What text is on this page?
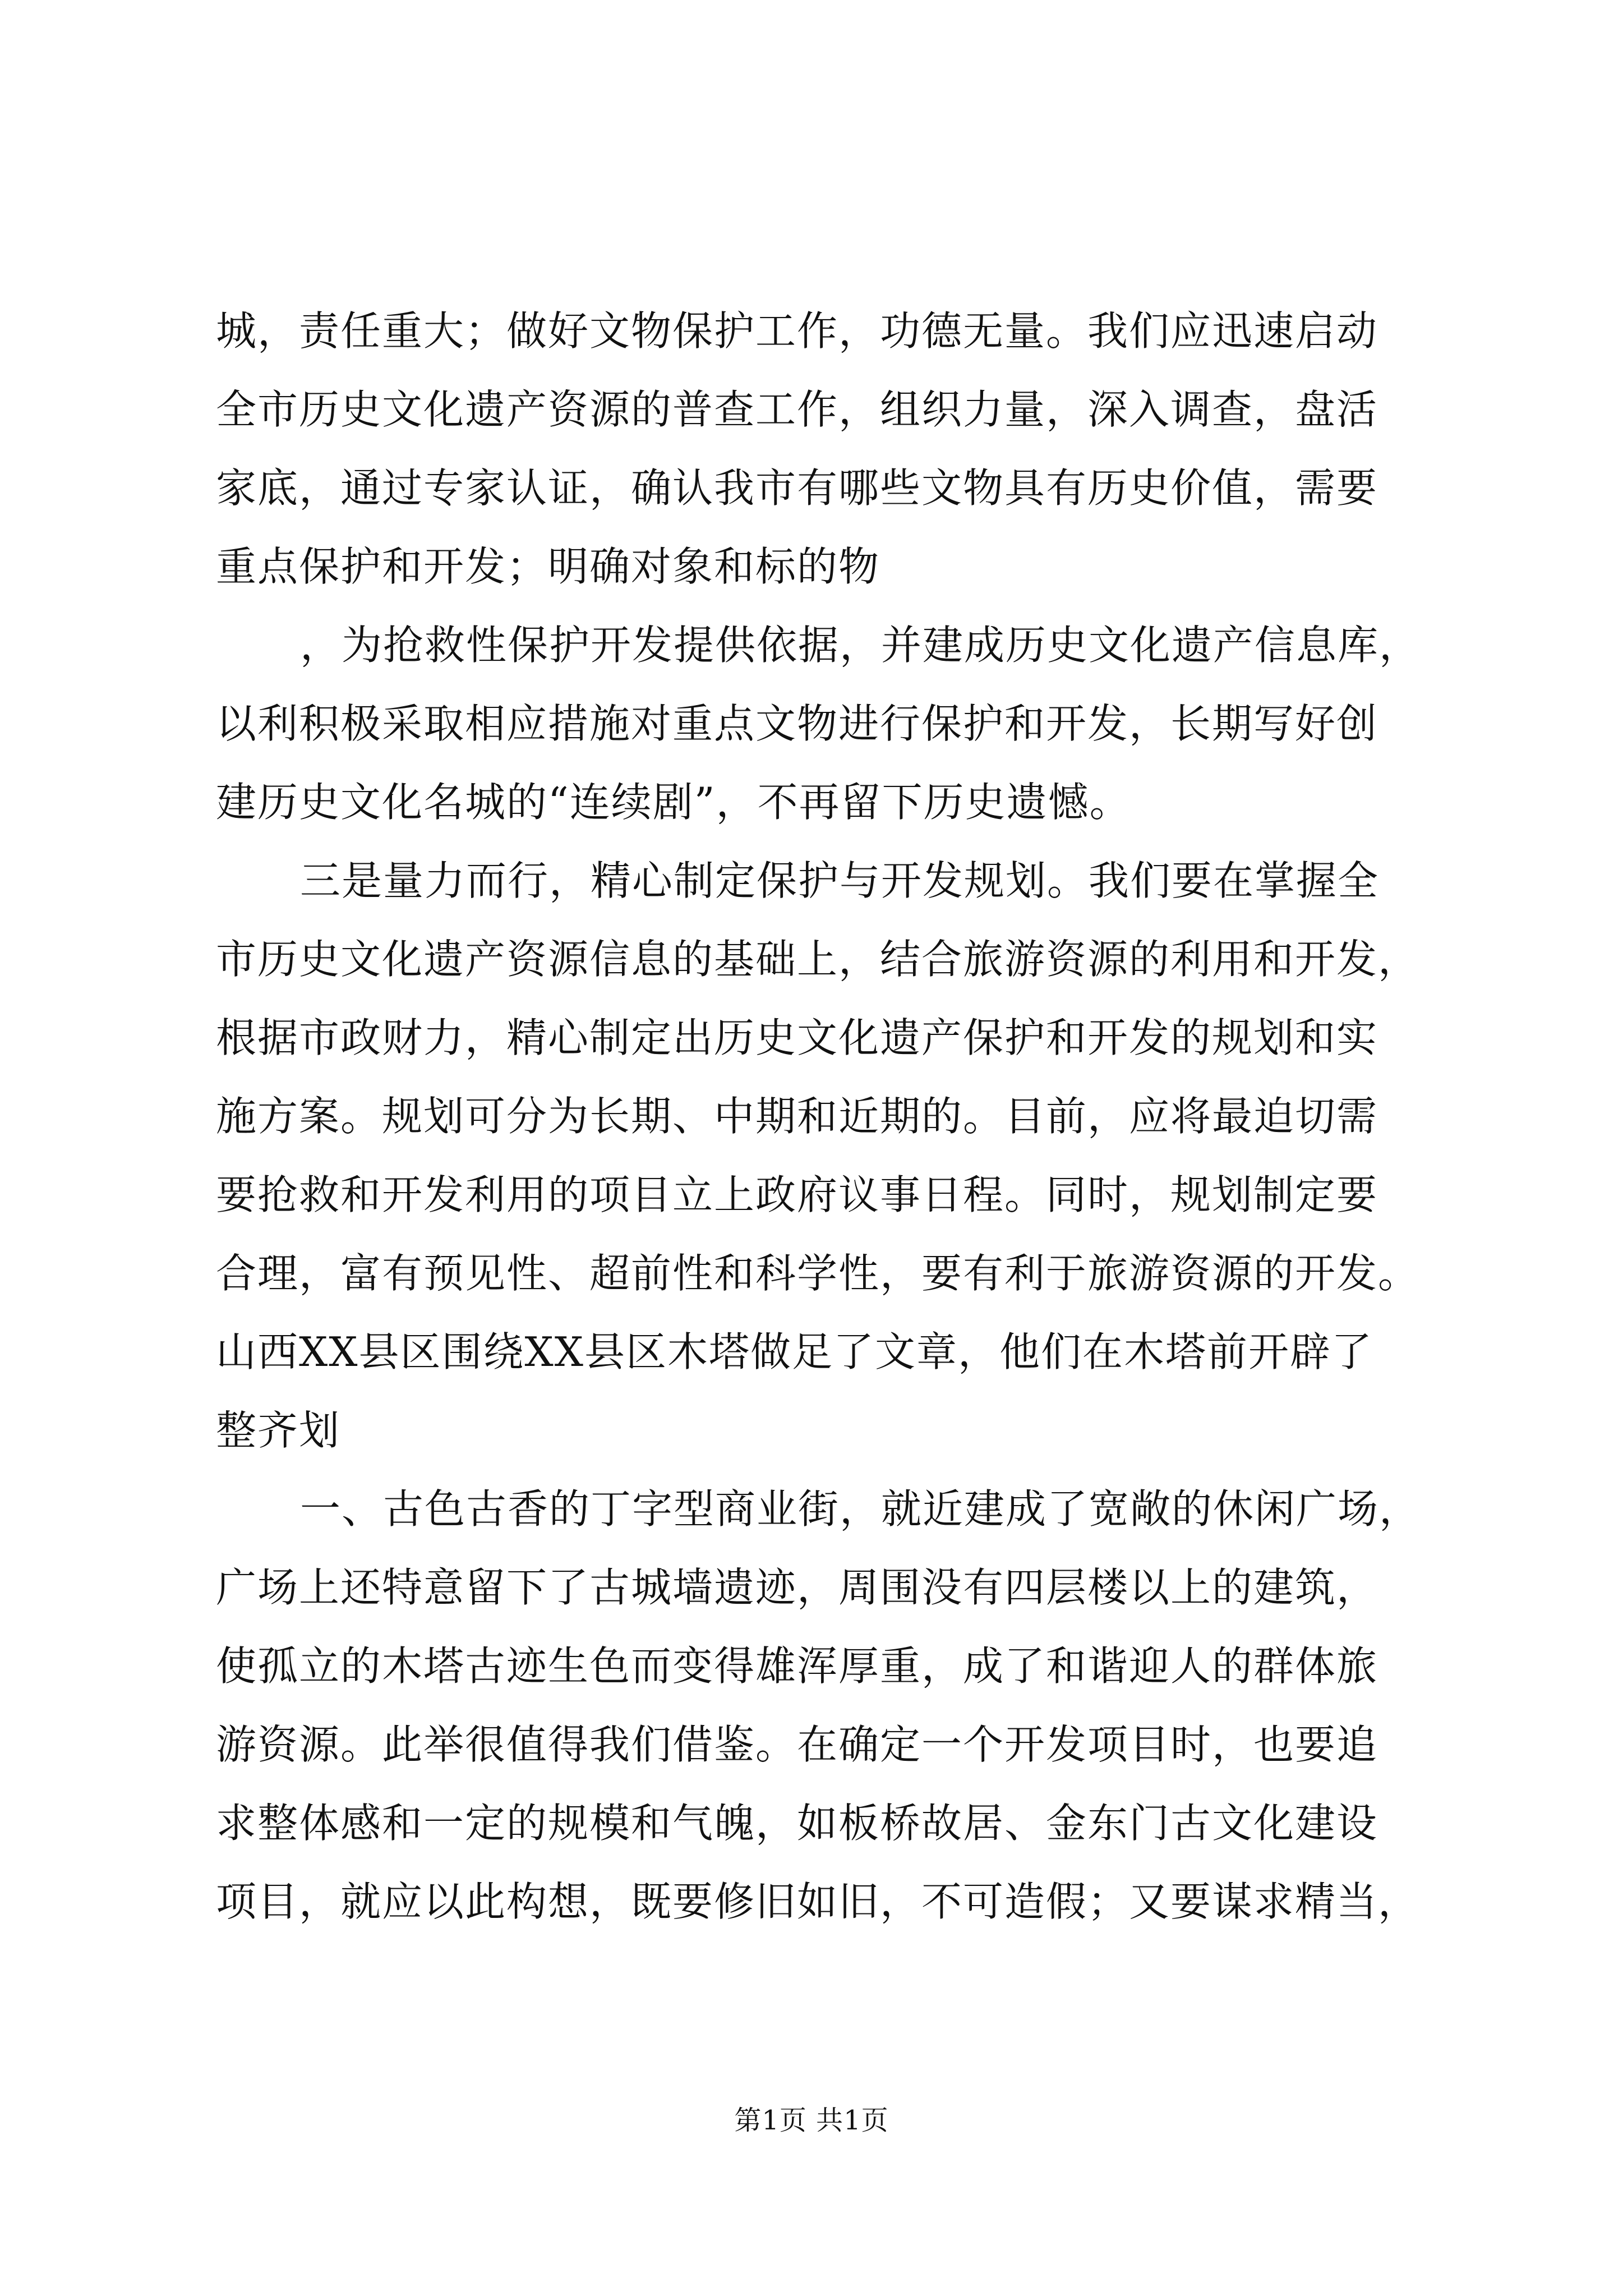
城，责任重大；做好文物保护工作，功德无量。我们应迅速启动
全市历史文化遗产资源的普查工作，组织力量，深入调查，盘活
家底，通过专家认证，确认我市有哪些文物具有历史价值，需要
重点保护和开发；明确对象和标的物
，为抢救性保护开发提供依据，并建成历史文化遗产信息库，
以利积极采取相应措施对重点文物进行保护和开发，长期写好创
建历史文化名城的“连续剧”，不再留下历史遗憾。
三是量力而行，精心制定保护与开发规划。我们要在掌握全
市历史文化遗产资源信息的基础上，结合旅游资源的利用和开发，
根据市政财力，精心制定出历史文化遗产保护和开发的规划和实
施方案。规划可分为长期、中期和近期的。目前，应将最迫切需
要抢救和开发利用的项目立上政府议事日程。同时，规划制定要
合理，富有预见性、超前性和科学性，要有利于旅游资源的开发。
山西XX县区围绕XX县区木塔做足了文章，他们在木塔前开辟了
整齐划
一、古色古香的丁字型商业街，就近建成了宽敞的休闲广场，
广场上还特意留下了古城墙遗迹，周围没有四层楼以上的建筑，
使孤立的木塔古迹生色而变得雄浑厚重，成了和谐迎人的群体旅
游资源。此举很值得我们借鉴。在确定一个开发项目时，也要追
求整体感和一定的规模和气魄，如板桥故居、金东门古文化建设
项目，就应以此构想，既要修旧如旧，不可造假；又要谋求精当，
第1页 共1页
